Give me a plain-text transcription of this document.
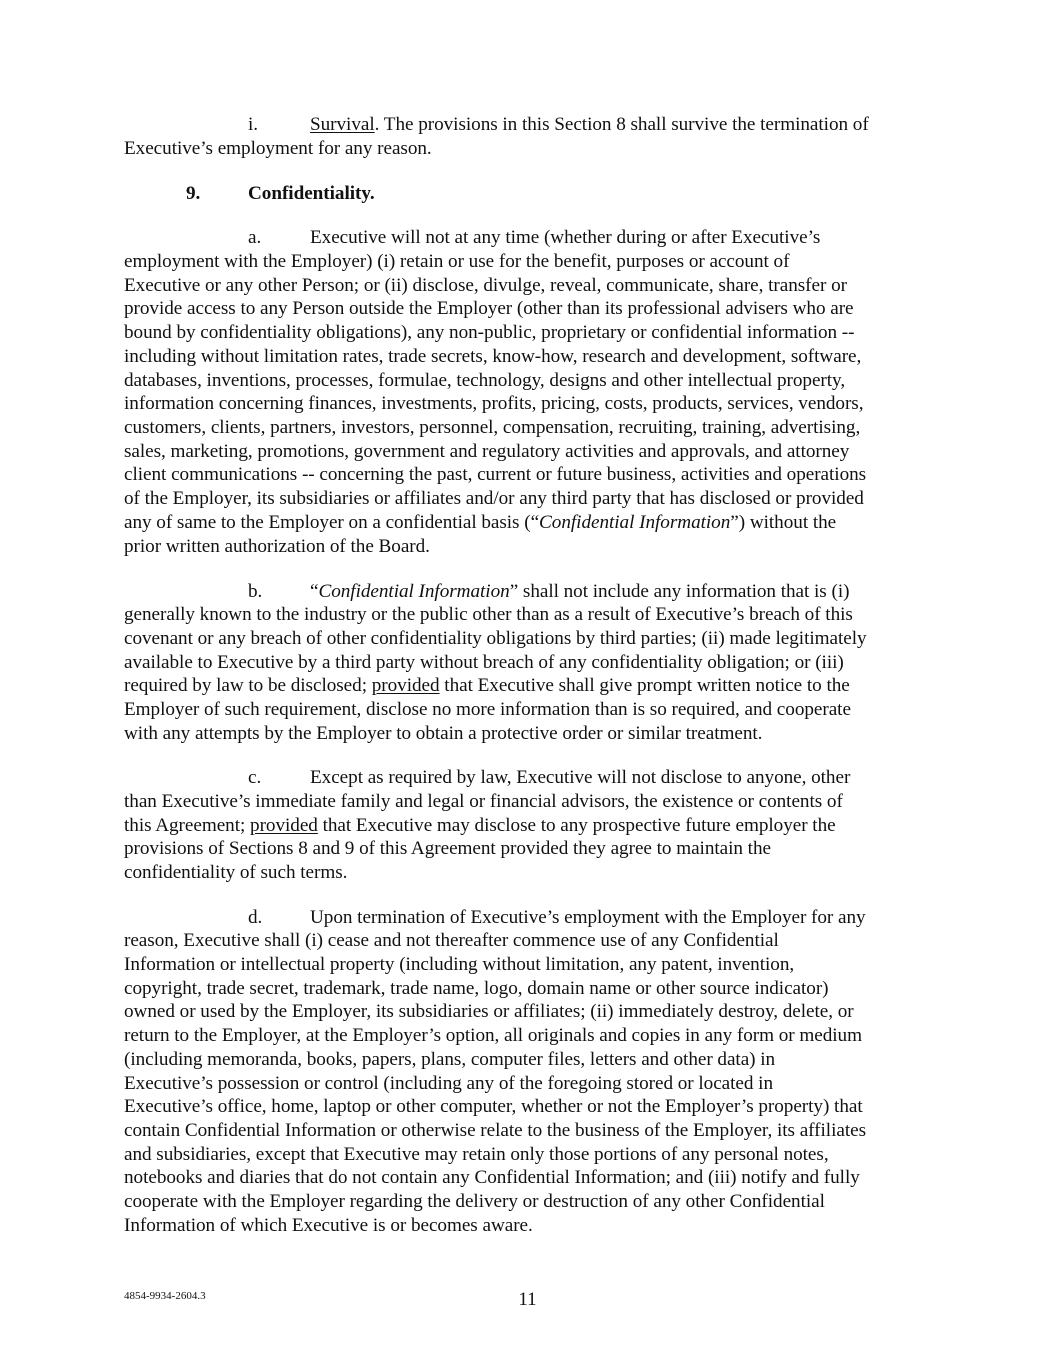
i.	Survival. The provisions in this Section 8 shall survive the termination of
Executive’s employment for any reason.
9. Confidentiality.
a.	Executive will not at any time (whether during or after Executive’s
employment with the Employer) (i) retain or use for the benefit, purposes or account of
Executive or any other Person; or (ii) disclose, divulge, reveal, communicate, share, transfer or
provide access to any Person outside the Employer (other than its professional advisers who are
bound by confidentiality obligations), any non-public, proprietary or confidential information --
including without limitation rates, trade secrets, know-how, research and development, software,
databases, inventions, processes, formulae, technology, designs and other intellectual property,
information concerning finances, investments, profits, pricing, costs, products, services, vendors,
customers, clients, partners, investors, personnel, compensation, recruiting, training, advertising,
sales, marketing, promotions, government and regulatory activities and approvals, and attorney
client communications -- concerning the past, current or future business, activities and operations
of the Employer, its subsidiaries or affiliates and/or any third party that has disclosed or provided
any of same to the Employer on a confidential basis (“Confidential Information”) without the
prior written authorization of the Board.
b. “Confidential Information” shall not include any information that is (i)
generally known to the industry or the public other than as a result of Executive’s breach of this
covenant or any breach of other confidentiality obligations by third parties; (ii) made legitimately
available to Executive by a third party without breach of any confidentiality obligation; or (iii)
required by law to be disclosed; provided that Executive shall give prompt written notice to the
Employer of such requirement, disclose no more information than is so required, and cooperate
with any attempts by the Employer to obtain a protective order or similar treatment.
c.	Except as required by law, Executive will not disclose to anyone, other
than Executive’s immediate family and legal or financial advisors, the existence or contents of
this Agreement; provided that Executive may disclose to any prospective future employer the
provisions of Sections 8 and 9 of this Agreement provided they agree to maintain the
confidentiality of such terms.
d. Upon termination of Executive’s employment with the Employer for any
reason, Executive shall (i) cease and not thereafter commence use of any Confidential
Information or intellectual property (including without limitation, any patent, invention,
copyright, trade secret, trademark, trade name, logo, domain name or other source indicator)
owned or used by the Employer, its subsidiaries or affiliates; (ii) immediately destroy, delete, or
return to the Employer, at the Employer’s option, all originals and copies in any form or medium
(including memoranda, books, papers, plans, computer files, letters and other data) in
Executive’s possession or control (including any of the foregoing stored or located in
Executive’s office, home, laptop or other computer, whether or not the Employer’s property) that
contain Confidential Information or otherwise relate to the business of the Employer, its affiliates
and subsidiaries, except that Executive may retain only those portions of any personal notes,
notebooks and diaries that do not contain any Confidential Information; and (iii) notify and fully
cooperate with the Employer regarding the delivery or destruction of any other Confidential
Information of which Executive is or becomes aware.
4854-9934-2604.3	11
